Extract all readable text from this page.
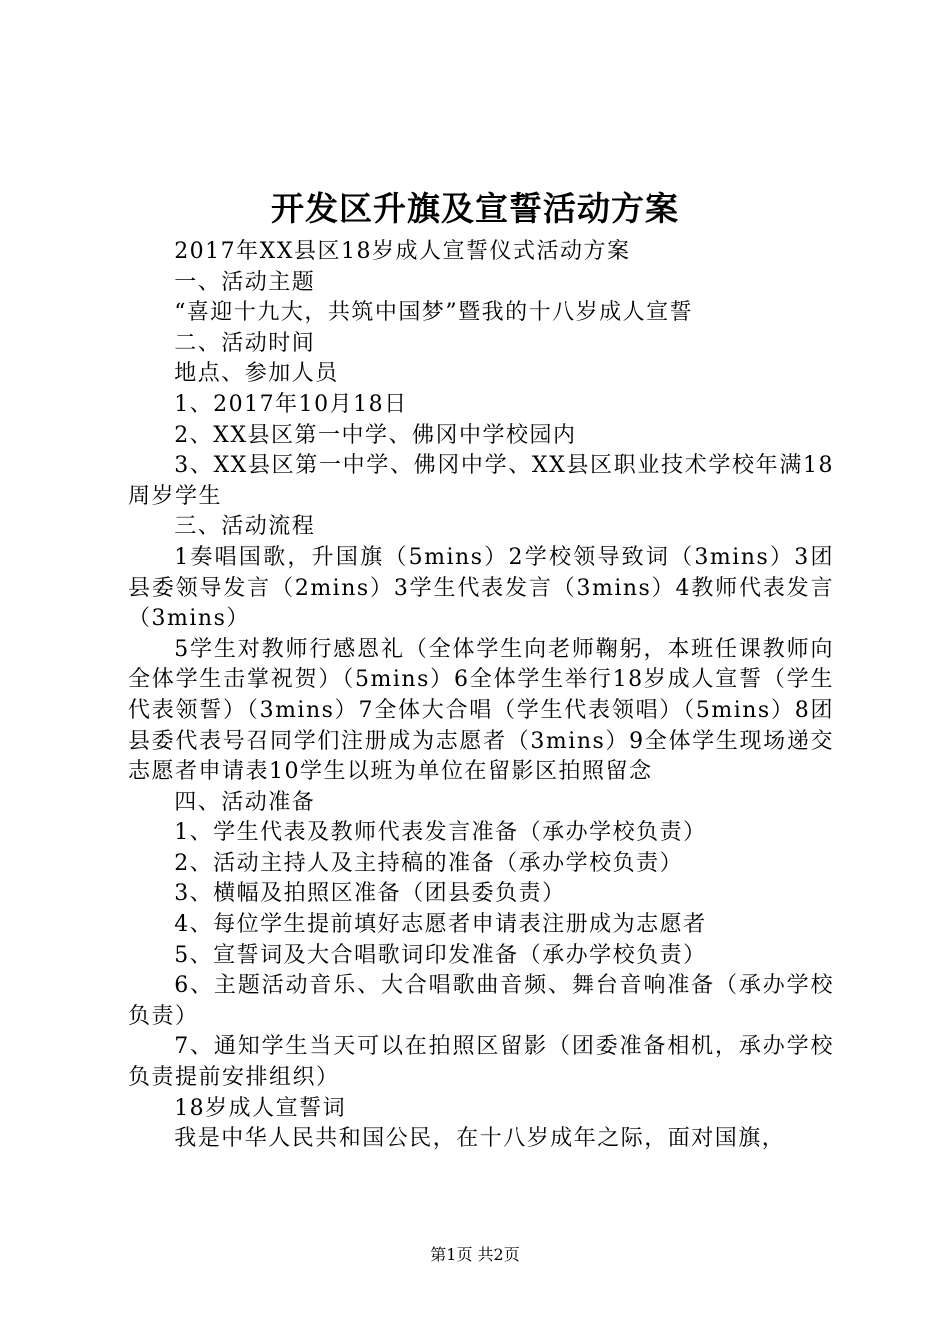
开发区升旗及宣誓活动方案

2017年XX县区18岁成人宣誓仪式活动方案

一、活动主题

“喜迎十九大，共筑中国梦”暨我的十八岁成人宣誓

二、活动时间

地点、参加人员

1、2017年10月18日

2、XX县区第一中学、佛冈中学校园内

3、XX县区第一中学、佛冈中学、XX县区职业技术学校年满18周岁学生

三、活动流程

1奏唱国歌，升国旗（5mins）2学校领导致词（3mins）3团县委领导发言（2mins）3学生代表发言（3mins）4教师代表发言（3mins）

5学生对教师行感恩礼（全体学生向老师鞠躬，本班任课教师向全体学生击掌祝贺）（5mins）6全体学生举行18岁成人宣誓（学生代表领誓）（3mins）7全体大合唱（学生代表领唱）（5mins）8团县委代表号召同学们注册成为志愿者（3mins）9全体学生现场递交志愿者申请表10学生以班为单位在留影区拍照留念

四、活动准备

1、学生代表及教师代表发言准备（承办学校负责）

2、活动主持人及主持稿的准备（承办学校负责）

3、横幅及拍照区准备（团县委负责）

4、每位学生提前填好志愿者申请表注册成为志愿者

5、宣誓词及大合唱歌词印发准备（承办学校负责）

6、主题活动音乐、大合唱歌曲音频、舞台音响准备（承办学校负责）

7、通知学生当天可以在拍照区留影（团委准备相机，承办学校负责提前安排组织）

18岁成人宣誓词

我是中华人民共和国公民，在十八岁成年之际，面对国旗，

第1页 共2页
